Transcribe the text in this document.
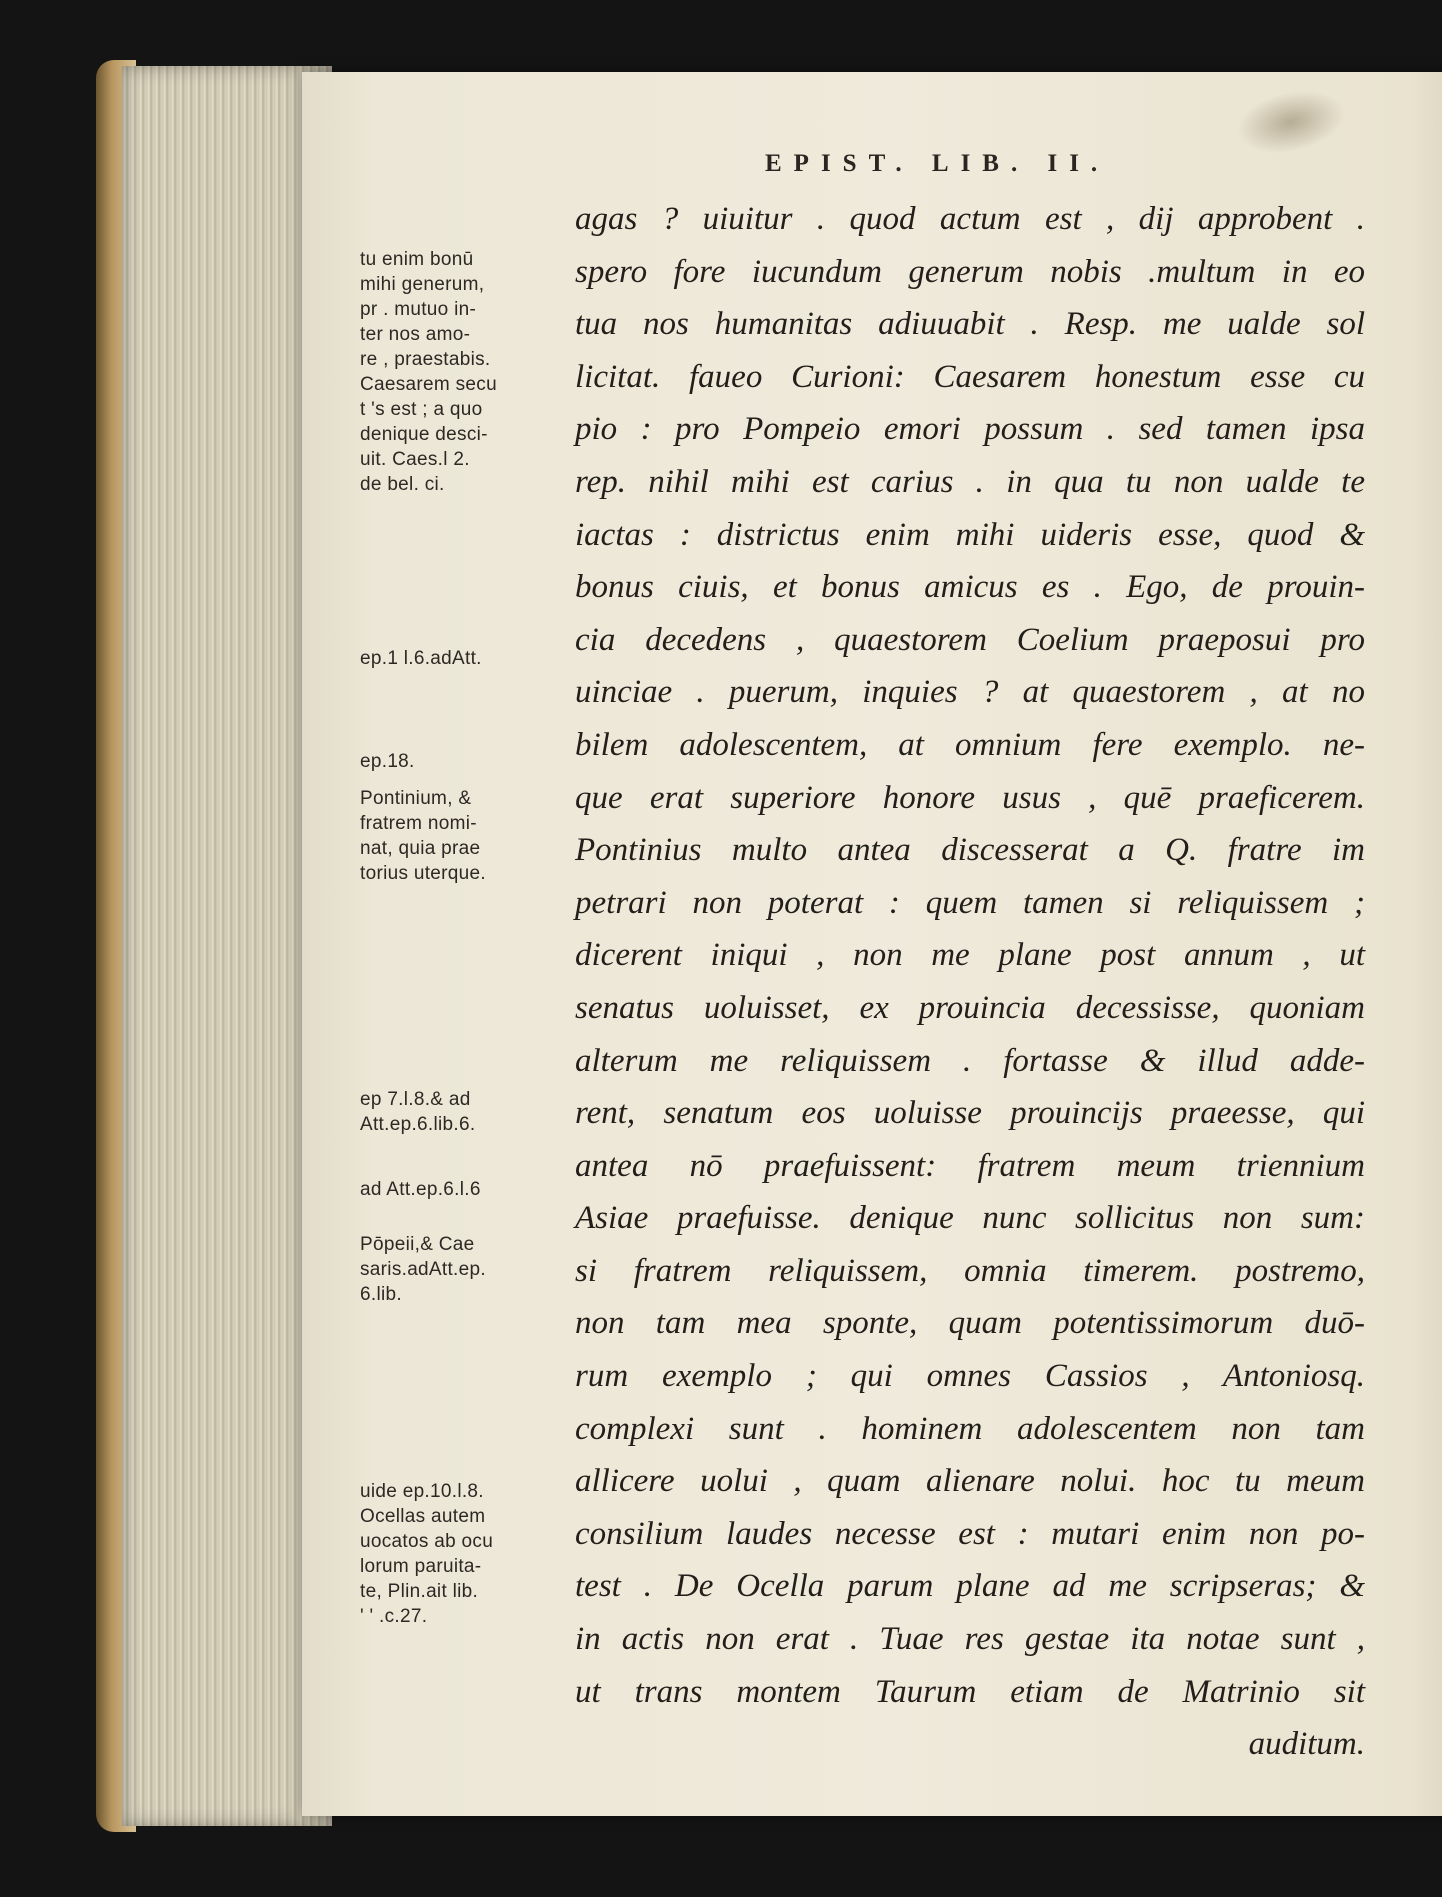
EPIST. LIB. II.
tu enim bonū
mihi generum,
pr . mutuo in-
ter nos amo-
re , praestabis.
Caesarem secu
t 's est ; a quo
denique desci-
uit. Caes.l 2.
de bel. ci.
ep.1 l.6.adAtt.
ep.18.
Pontinium, &
fratrem nomi-
nat, quia prae
torius uterque.
ep 7.l.8.& ad
Att.ep.6.lib.6.
ad Att.ep.6.l.6
Pōpeii,& Cae
saris.adAtt.ep.
6.lib.
uide ep.10.l.8.
Ocellas autem
uocatos ab ocu
lorum paruita-
te, Plin.ait lib.
' ' .c.27.
agas ? uiuitur . quod actum est , dij approbent .
spero fore iucundum generum nobis .multum in eo
tua nos humanitas adiuuabit . Resp. me ualde sol
licitat. faueo Curioni: Caesarem honestum esse cu
pio : pro Pompeio emori possum . sed tamen ipsa
rep. nihil mihi est carius . in qua tu non ualde te
iactas : districtus enim mihi uideris esse, quod &
bonus ciuis, et bonus amicus es . Ego, de prouin-
cia decedens , quaestorem Coelium praeposui pro
uinciae . puerum, inquies ? at quaestorem , at no
bilem adolescentem, at omnium fere exemplo. ne-
que erat superiore honore usus , quē praeficerem.
Pontinius multo antea discesserat a Q. fratre im
petrari non poterat : quem tamen si reliquissem ;
dicerent iniqui , non me plane post annum , ut
senatus uoluisset, ex prouincia decessisse, quoniam
alterum me reliquissem . fortasse & illud adde-
rent, senatum eos uoluisse prouincijs praeesse, qui
antea nō praefuissent: fratrem meum triennium
Asiae praefuisse. denique nunc sollicitus non sum:
si fratrem reliquissem, omnia timerem. postremo,
non tam mea sponte, quam potentissimorum duō-
rum exemplo ; qui omnes Cassios , Antoniosq.
complexi sunt . hominem adolescentem non tam
allicere uolui , quam alienare nolui. hoc tu meum
consilium laudes necesse est : mutari enim non po-
test . De Ocella parum plane ad me scripseras; &
in actis non erat . Tuae res gestae ita notae sunt ,
ut trans montem Taurum etiam de Matrinio sit
auditum.
